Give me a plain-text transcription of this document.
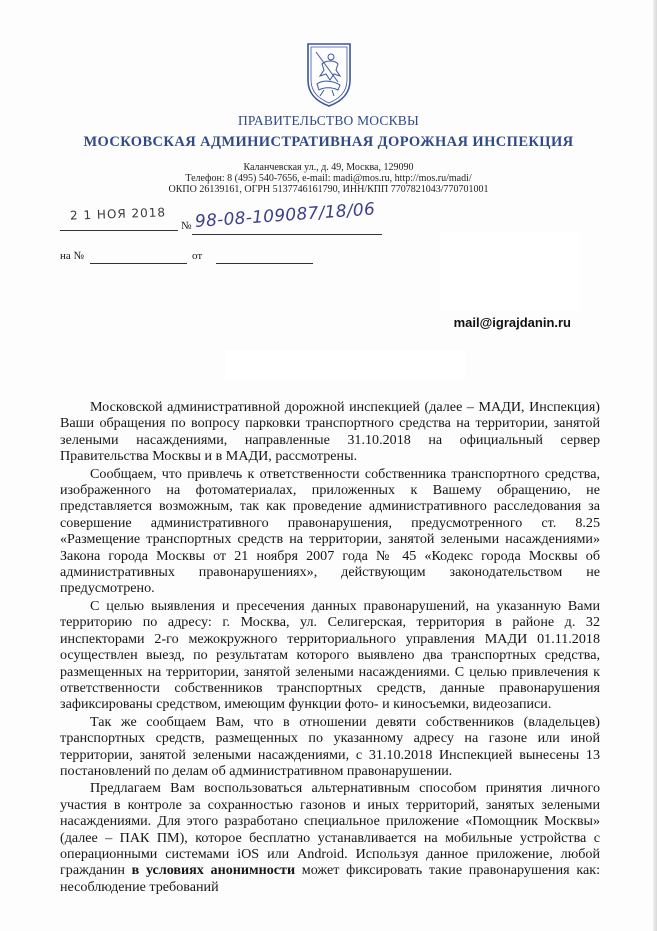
ПРАВИТЕЛЬСТВО МОСКВЫ
МОСКОВСКАЯ АДМИНИСТРАТИВНАЯ ДОРОЖНАЯ ИНСПЕКЦИЯ
Каланчевская ул., д. 49, Москва, 129090
Телефон: 8 (495) 540-7656, e-mail: madi@mos.ru, http://mos.ru/madi/
ОКПО 26139161, ОГРН 5137746161790, ИНН/КПП 7707821043/770701001
2 1 НОЯ 2018
№ 98-08-109087/18/06
на №	от
mail@igrajdanin.ru

Московской административной дорожной инспекцией (далее – МАДИ, Инспекция) Ваши обращения по вопросу парковки транспортного средства на территории, занятой зелеными насаждениями, направленные 31.10.2018 на официальный сервер Правительства Москвы и в МАДИ, рассмотрены.

Сообщаем, что привлечь к ответственности собственника транспортного средства, изображенного на фотоматериалах, приложенных к Вашему обращению, не представляется возможным, так как проведение административного расследования за совершение административного правонарушения, предусмотренного ст. 8.25 «Размещение транспортных средств на территории, занятой зелеными насаждениями» Закона города Москвы от 21 ноября 2007 года № 45 «Кодекс города Москвы об административных правонарушениях», действующим законодательством не предусмотрено.

С целью выявления и пресечения данных правонарушений, на указанную Вами территорию по адресу: г. Москва, ул. Селигерская, территория в районе д. 32 инспекторами 2-го межокружного территориального управления МАДИ 01.11.2018 осуществлен выезд, по результатам которого выявлено два транспортных средства, размещенных на территории, занятой зелеными насаждениями. С целью привлечения к ответственности собственников транспортных средств, данные правонарушения зафиксированы средством, имеющим функции фото- и киносъемки, видеозаписи.

Так же сообщаем Вам, что в отношении девяти собственников (владельцев) транспортных средств, размещенных по указанному адресу на газоне или иной территории, занятой зелеными насаждениями, с 31.10.2018 Инспекцией вынесены 13 постановлений по делам об административном правонарушении.

Предлагаем Вам воспользоваться альтернативным способом принятия личного участия в контроле за сохранностью газонов и иных территорий, занятых зелеными насаждениями. Для этого разработано специальное приложение «Помощник Москвы» (далее – ПАК ПМ), которое бесплатно устанавливается на мобильные устройства с операционными системами iOS или Android. Используя данное приложение, любой гражданин в условиях анонимности может фиксировать такие правонарушения как: несоблюдение требований
